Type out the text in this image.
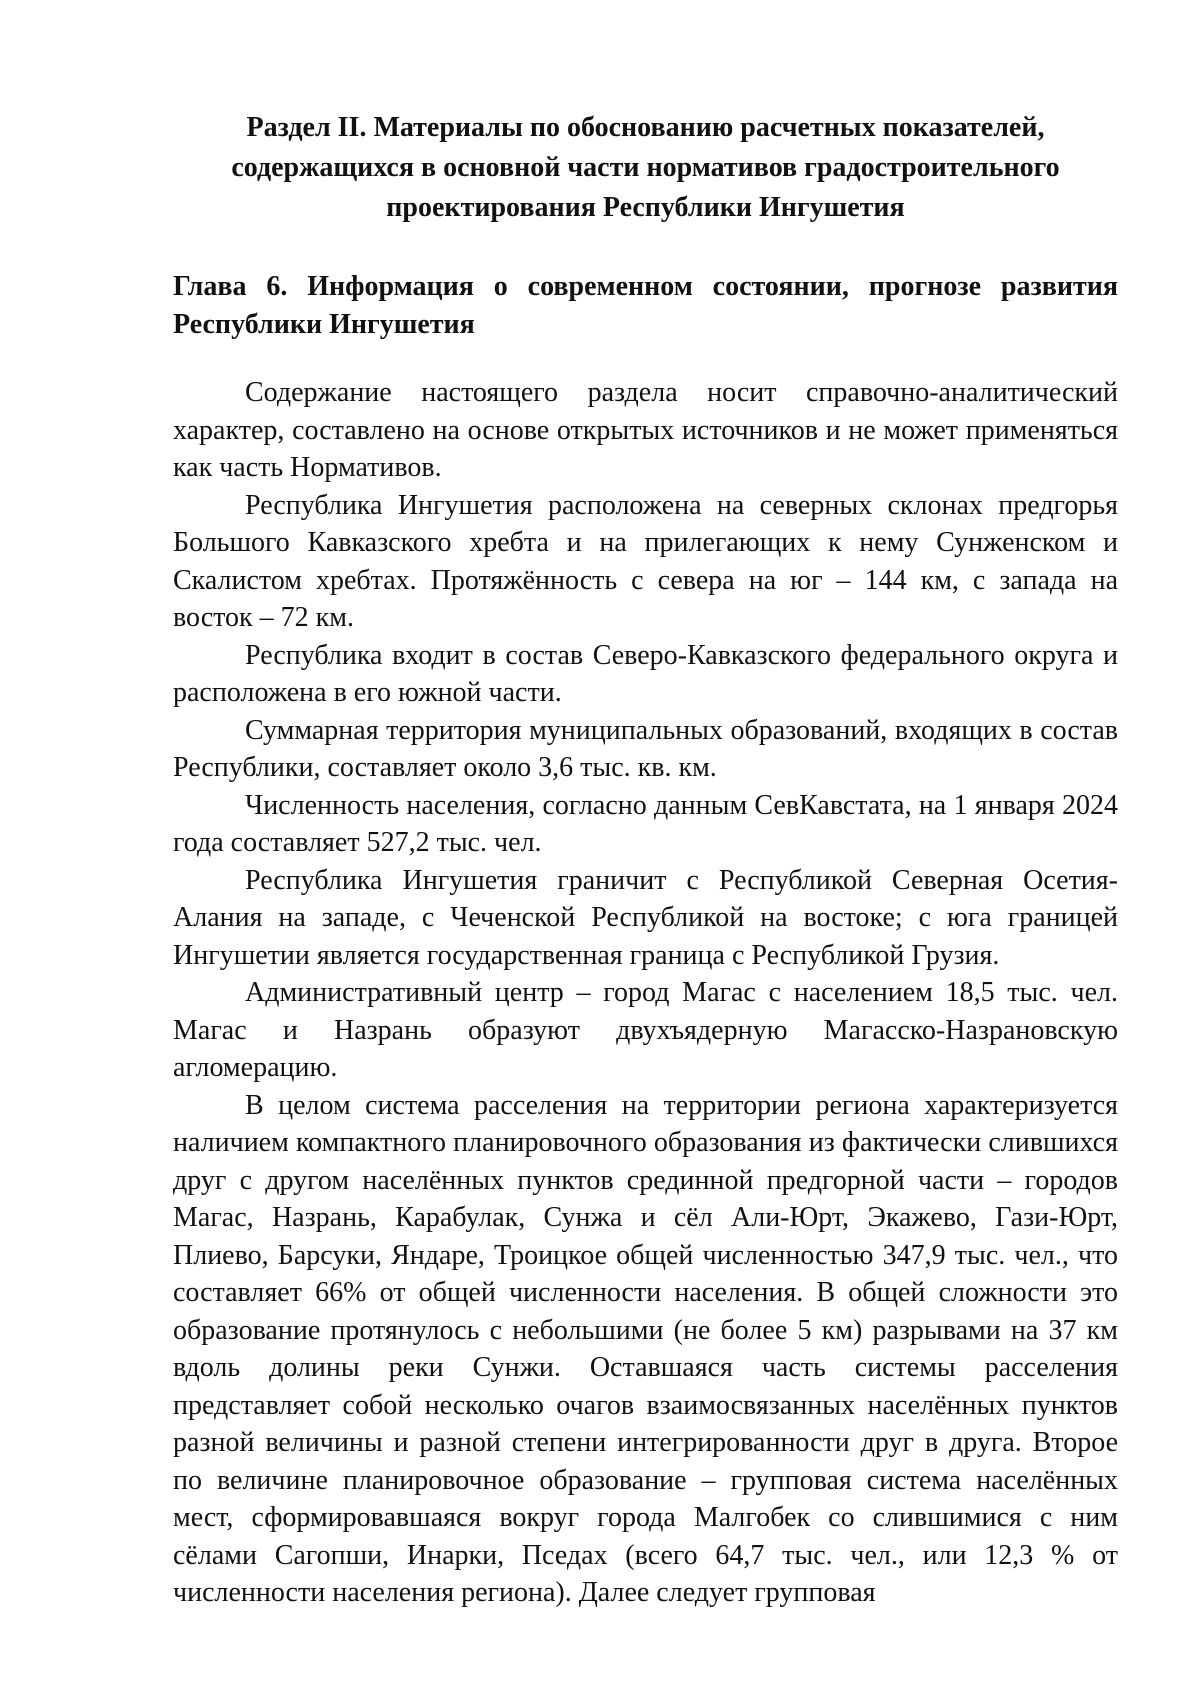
Раздел II. Материалы по обоснованию расчетных показателей,
содержащихся в основной части нормативов градостроительного
проектирования Республики Ингушетия
Глава 6. Информация о современном состоянии, прогнозе развития Республики Ингушетия

Содержание настоящего раздела носит справочно-аналитический характер, составлено на основе открытых источников и не может применяться как часть Нормативов.

Республика Ингушетия расположена на северных склонах предгорья Большого Кавказского хребта и на прилегающих к нему Сунженском и Скалистом хребтах. Протяжённость с севера на юг – 144 км, с запада на восток – 72 км.

Республика входит в состав Северо-Кавказского федерального округа и расположена в его южной части.

Суммарная территория муниципальных образований, входящих в состав Республики, составляет около 3,6 тыс. кв. км.

Численность населения, согласно данным СевКавстата, на 1 января 2024 года составляет 527,2 тыс. чел.

Республика Ингушетия граничит с Республикой Северная Осетия-Алания на западе, с Чеченской Республикой на востоке; с юга границей Ингушетии является государственная граница с Республикой Грузия.

Административный центр – город Магас с населением 18,5 тыс. чел. Магас и Назрань образуют двухъядерную Магасско-Назрановскую агломерацию.

В целом система расселения на территории региона характеризуется наличием компактного планировочного образования из фактически слившихся друг с другом населённых пунктов срединной предгорной части – городов Магас, Назрань, Карабулак, Сунжа и сёл Али-Юрт, Экажево, Гази-Юрт, Плиево, Барсуки, Яндаре, Троицкое общей численностью 347,9 тыс. чел., что составляет 66% от общей численности населения. В общей сложности это образование протянулось с небольшими (не более 5 км) разрывами на 37 км вдоль долины реки Сунжи. Оставшаяся часть системы расселения представляет собой несколько очагов взаимосвязанных населённых пунктов разной величины и разной степени интегрированности друг в друга. Второе по величине планировочное образование – групповая система населённых мест, сформировавшаяся вокруг города Малгобек со слившимися с ним сёлами Сагопши, Инарки, Пседах (всего 64,7 тыс. чел., или 12,3 % от численности населения региона). Далее следует групповая
